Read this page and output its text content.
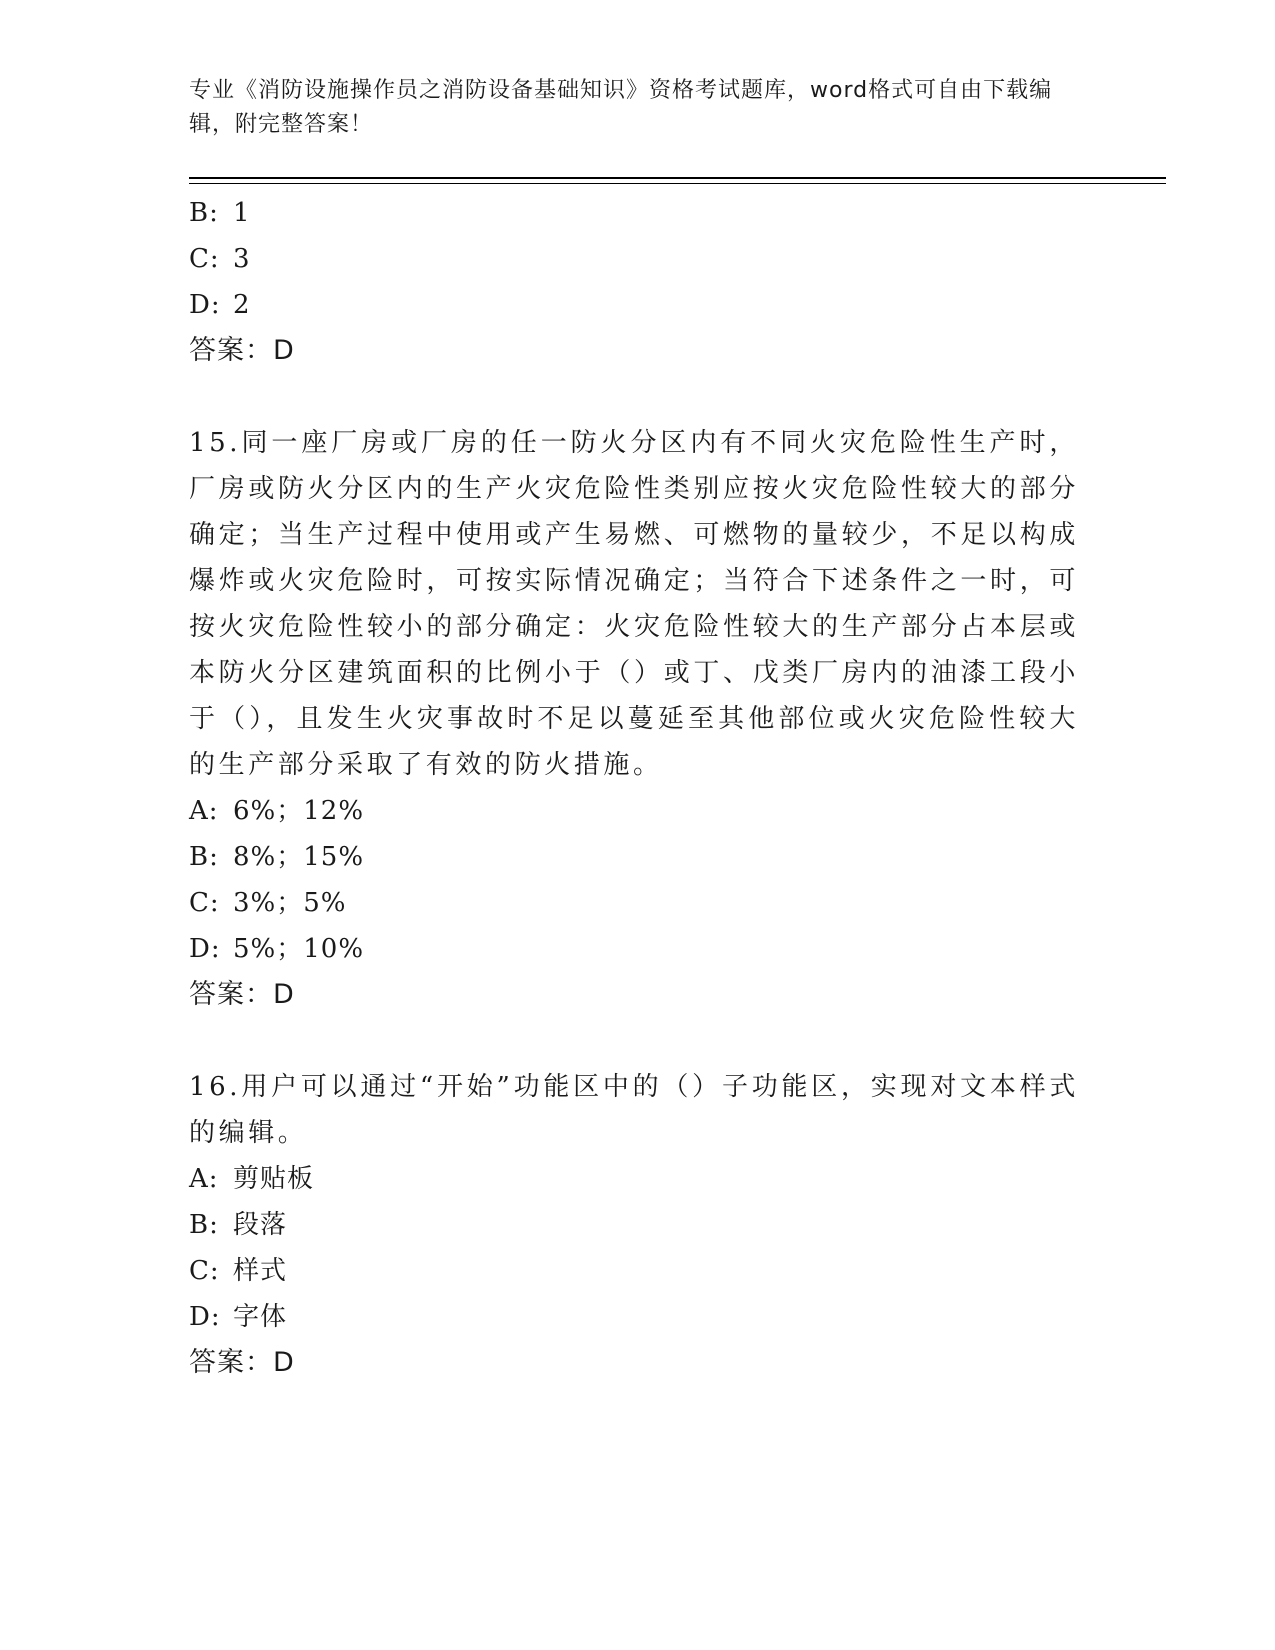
专业《消防设施操作员之消防设备基础知识》资格考试题库，word格式可自由下载编辑，附完整答案！
B: 1
C: 3
D: 2
答案：D
15.同一座厂房或厂房的任一防火分区内有不同火灾危险性生产时，厂房或防火分区内的生产火灾危险性类别应按火灾危险性较大的部分确定；当生产过程中使用或产生易燃、可燃物的量较少，不足以构成爆炸或火灾危险时，可按实际情况确定；当符合下述条件之一时，可按火灾危险性较小的部分确定：火灾危险性较大的生产部分占本层或本防火分区建筑面积的比例小于（）或丁、戊类厂房内的油漆工段小于（），且发生火灾事故时不足以蔓延至其他部位或火灾危险性较大的生产部分采取了有效的防火措施。
A: 6%；12%
B: 8%；15%
C: 3%；5%
D: 5%；10%
答案：D
16.用户可以通过“开始”功能区中的（）子功能区，实现对文本样式的编辑。
A: 剪贴板
B: 段落
C: 样式
D: 字体
答案：D
